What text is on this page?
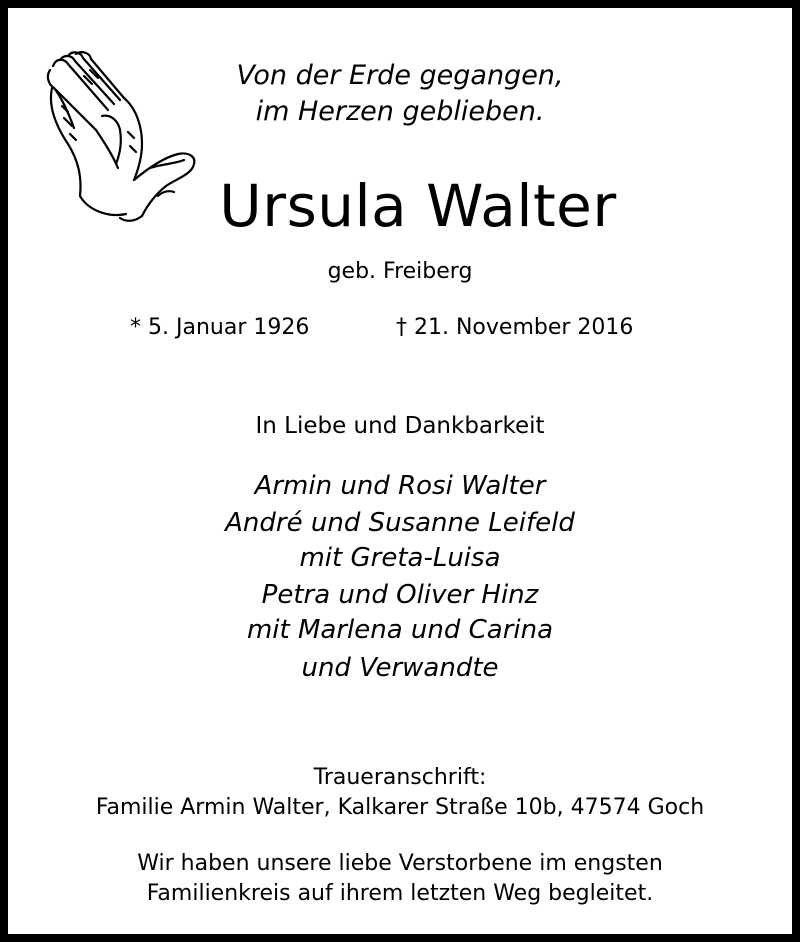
Von der Erde gegangen,
im Herzen geblieben.
Ursula Walter
geb. Freiberg
* 5. Januar 1926	† 21. November 2016
In Liebe und Dankbarkeit
Armin und Rosi Walter
André und Susanne Leifeld
mit Greta-Luisa
Petra und Oliver Hinz
mit Marlena und Carina
und Verwandte
Traueranschrift:
Familie Armin Walter, Kalkarer Straße 10b, 47574 Goch
Wir haben unsere liebe Verstorbene im engsten
Familienkreis auf ihrem letzten Weg begleitet.
